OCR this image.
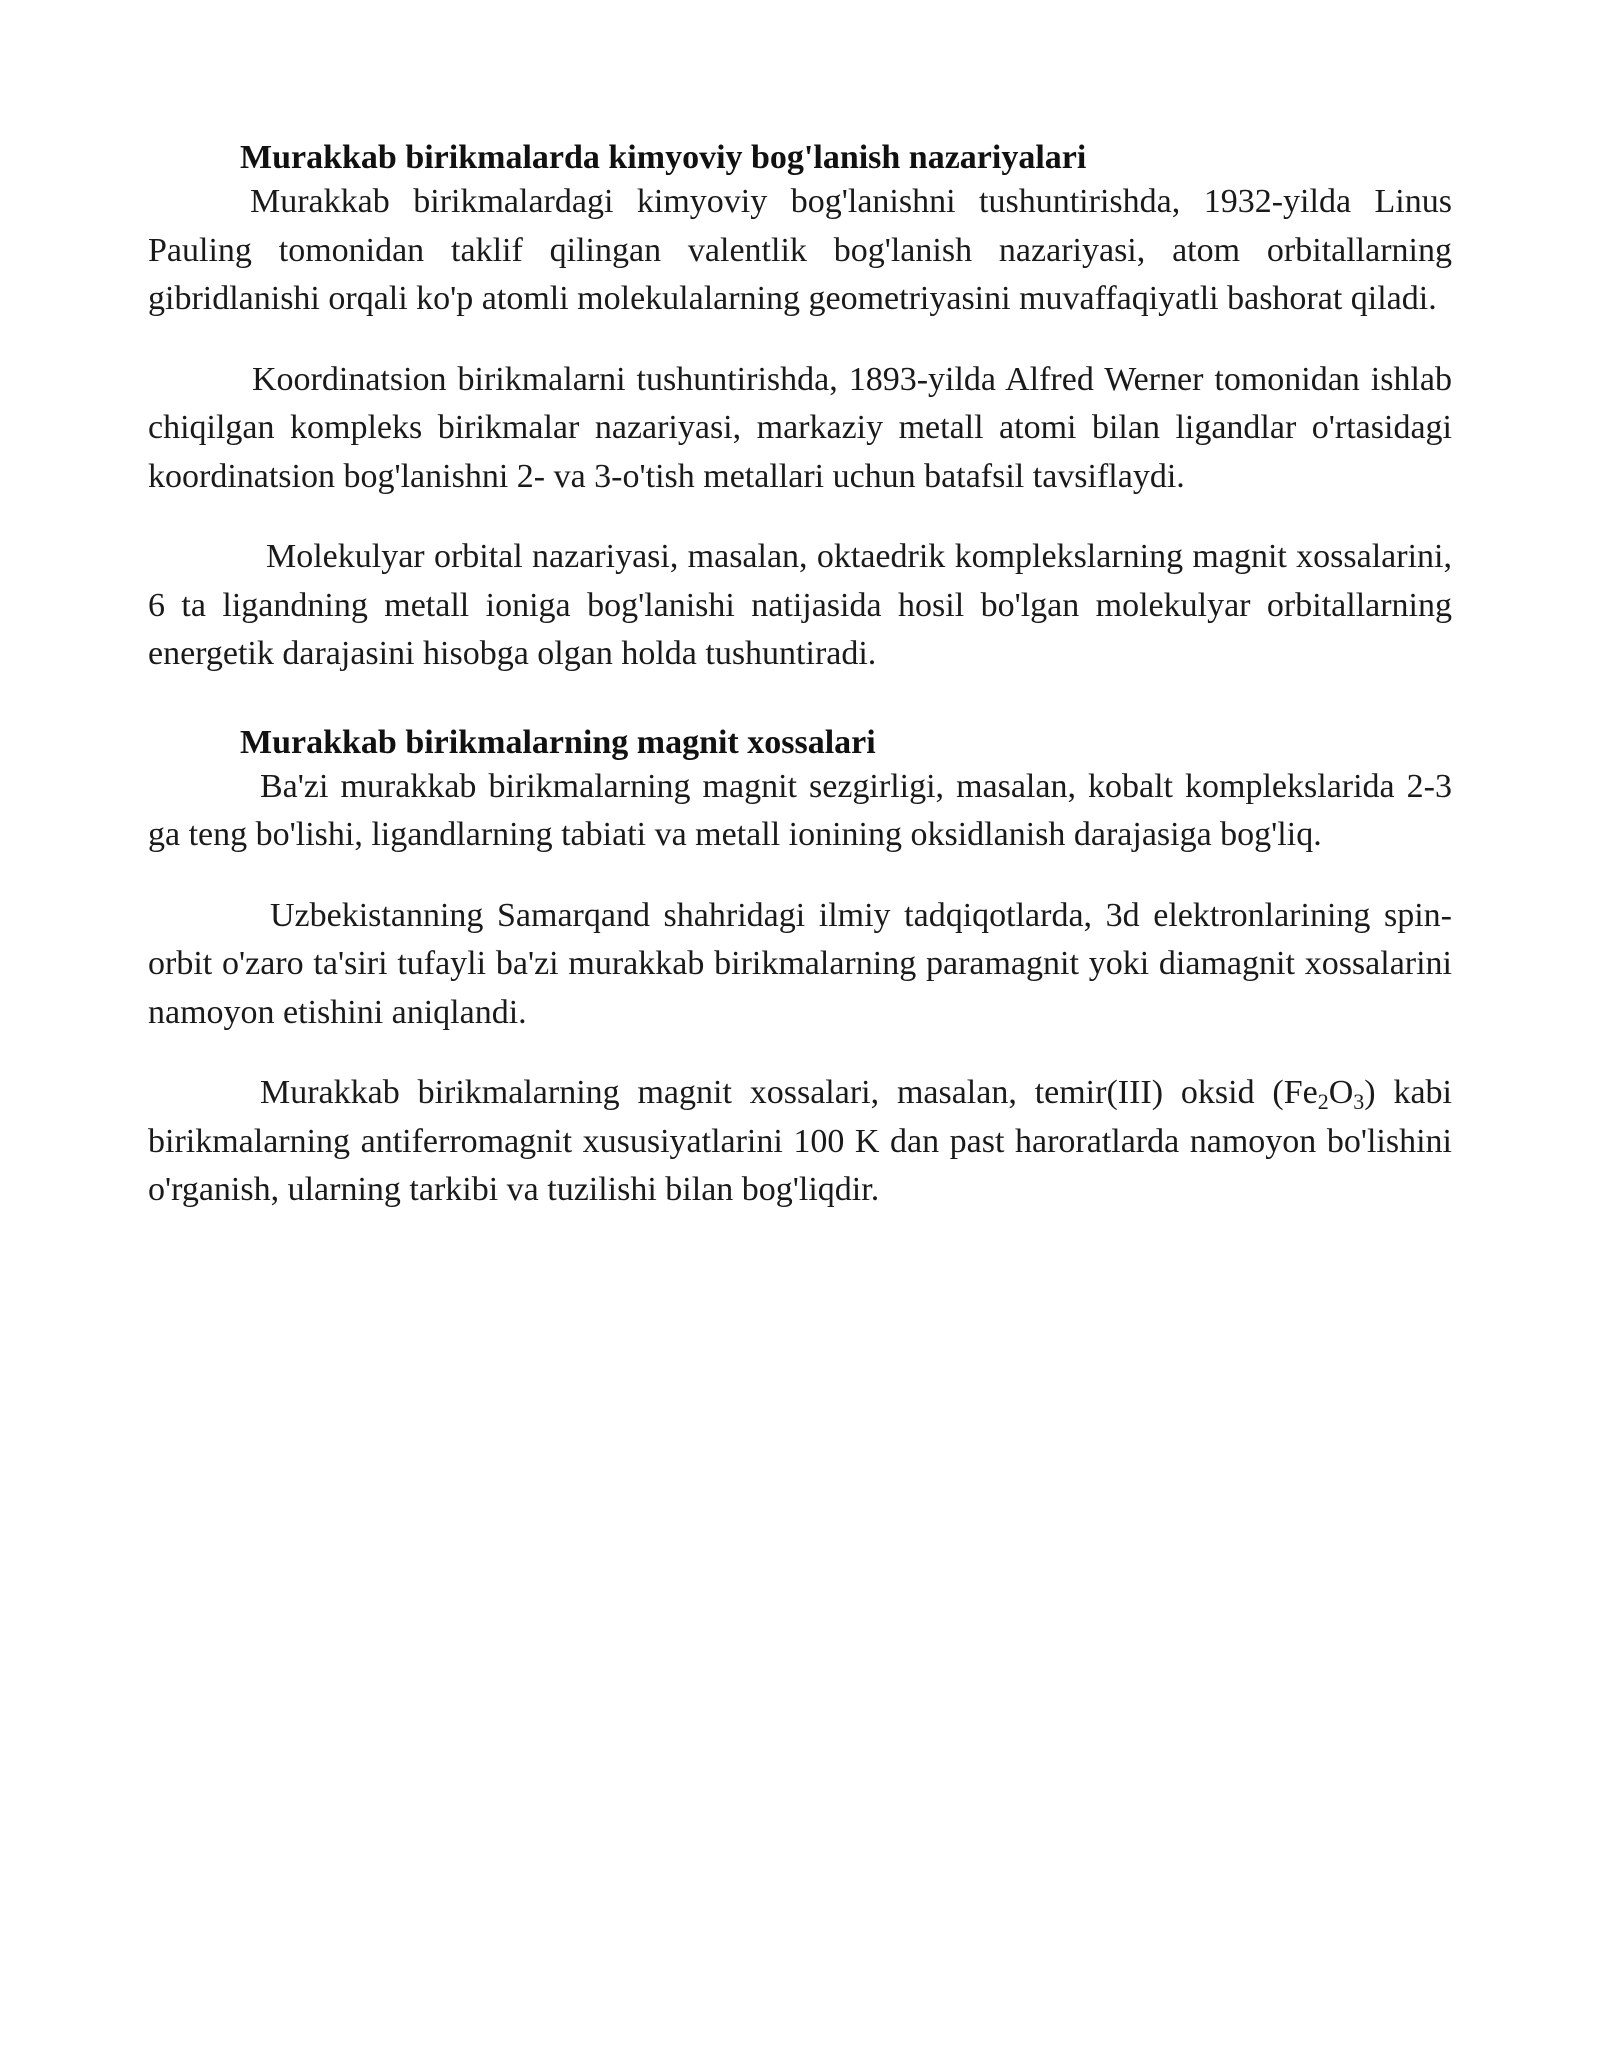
Murakkab birikmalarda kimyoviy bog'lanish nazariyalari

Murakkab birikmalardagi kimyoviy bog'lanishni tushuntirishda, 1932-yilda Linus Pauling tomonidan taklif qilingan valentlik bog'lanish nazariyasi, atom orbitallarning gibridlanishi orqali ko'p atomli molekulalarning geometriyasini muvaffaqiyatli bashorat qiladi.

Koordinatsion birikmalarni tushuntirishda, 1893-yilda Alfred Werner tomonidan ishlab chiqilgan kompleks birikmalar nazariyasi, markaziy metall atomi bilan ligandlar o'rtasidagi koordinatsion bog'lanishni 2- va 3-o'tish metallari uchun batafsil tavsiflaydi.

Molekulyar orbital nazariyasi, masalan, oktaedrik komplekslarning magnit xossalarini, 6 ta ligandning metall ioniga bog'lanishi natijasida hosil bo'lgan molekulyar orbitallarning energetik darajasini hisobga olgan holda tushuntiradi.

Murakkab birikmalarning magnit xossalari

Ba'zi murakkab birikmalarning magnit sezgirligi, masalan, kobalt komplekslarida 2-3 ga teng bo'lishi, ligandlarning tabiati va metall ionining oksidlanish darajasiga bog'liq.

Uzbekistanning Samarqand shahridagi ilmiy tadqiqotlarda, 3d elektronlarining spin-orbit o'zaro ta'siri tufayli ba'zi murakkab birikmalarning paramagnit yoki diamagnit xossalarini namoyon etishini aniqlandi.

Murakkab birikmalarning magnit xossalari, masalan, temir(III) oksid $(Fe_2O_3)$ kabi birikmalarning antiferromagnit xususiyatlarini 100 K dan past haroratlarda namoyon bo'lishini o'rganish, ularning tarkibi va tuzilishi bilan bog'liqdir.
